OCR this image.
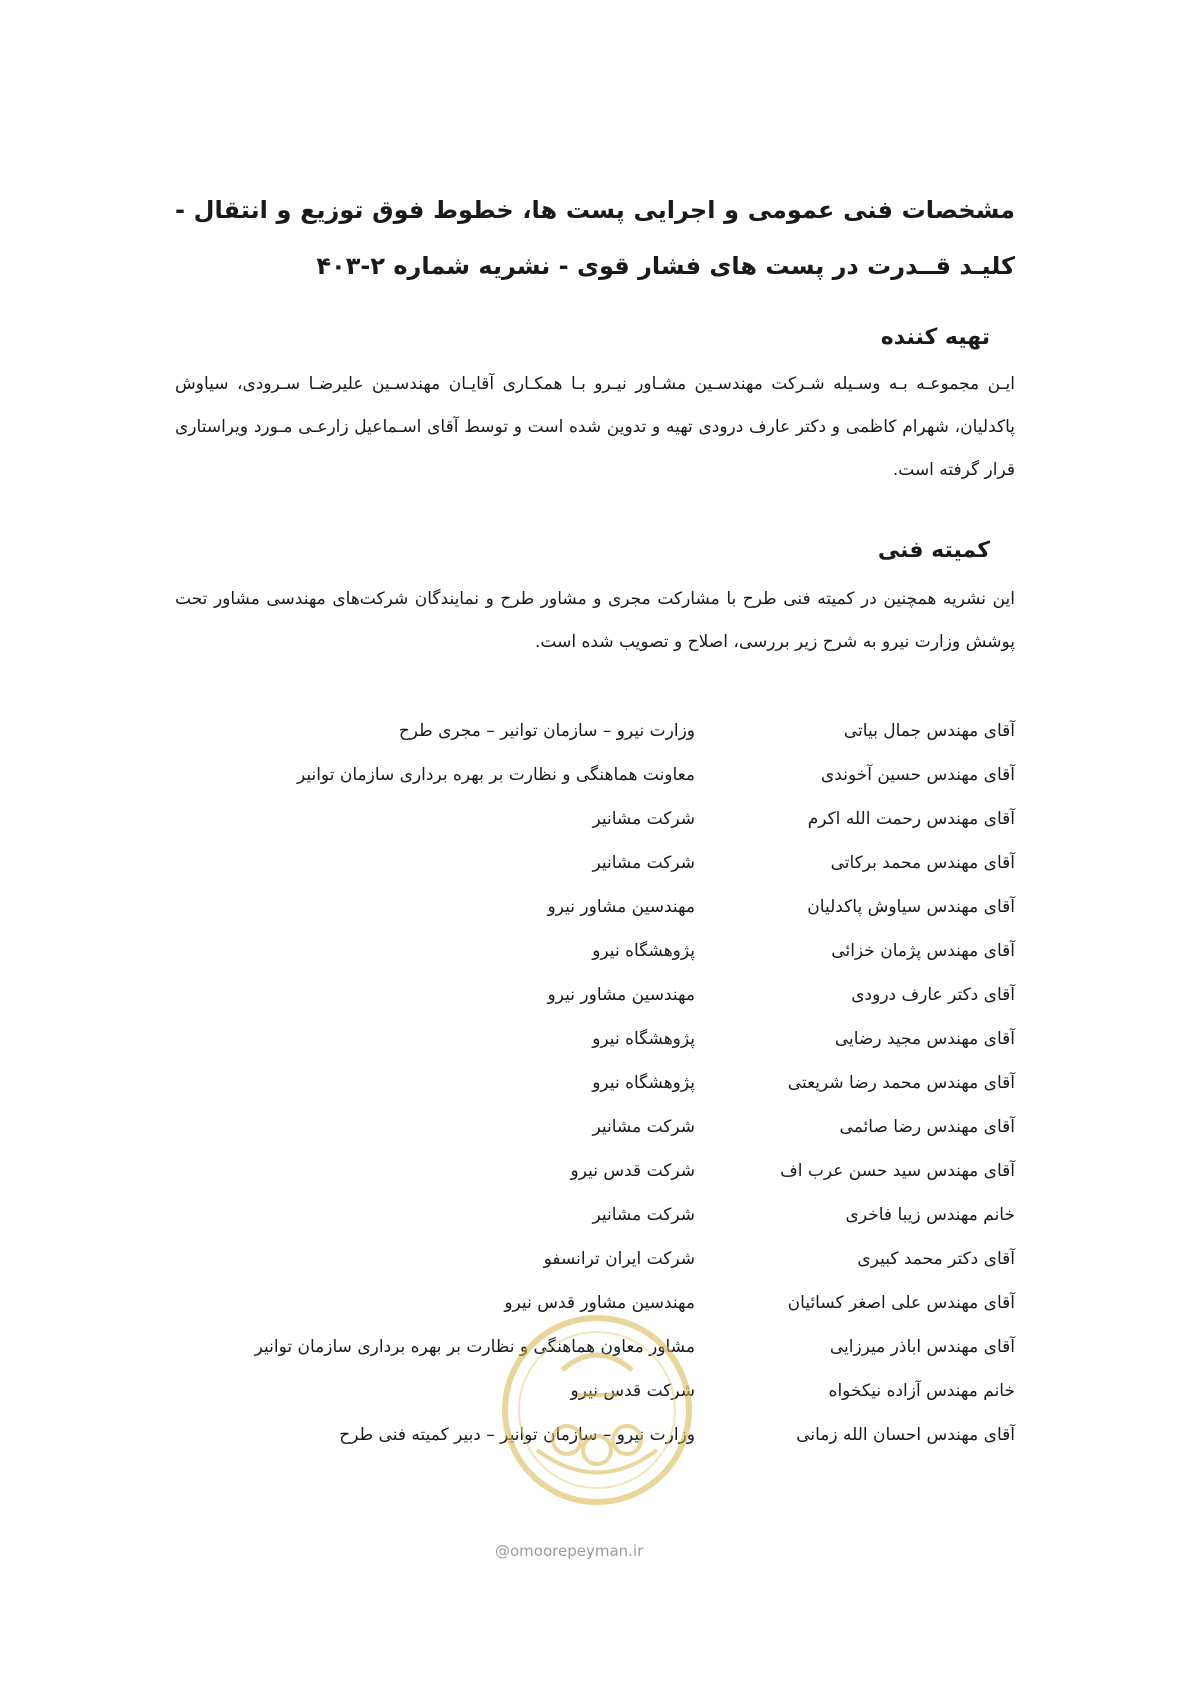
مشخصات فنی عمومی و اجرایی پست ها، خطوط فوق توزیع و انتقال - کلیـد قــدرت در پست های فشار قوی - نشریه شماره ۲-۴۰۳
تهیه کننده

ایـن مجموعـه بـه وسـیله شـرکت مهندسـین مشـاور نیـرو بـا همکـاری آقایـان مهندسـین علیرضـا سـرودی، سیاوش پاکدلیان، شهرام کاظمی و دکتر عارف درودی تهیه و تدوین شده است و توسط آقای اسـماعیل زارعـی مـورد ویراستاری قرار گرفته است.

کمیته فنی

این نشریه همچنین در کمیته فنی طرح با مشارکت مجری و مشاور طرح و نمایندگان شرکت‌های مهندسی مشاور تحت پوشش وزارت نیرو به شرح زیر بررسی، اصلاح و تصویب شده است.

آقای مهندس جمال بیاتی
وزارت نیرو – سازمان توانیر – مجری طرح
آقای مهندس حسین آخوندی
معاونت هماهنگی و نظارت بر بهره برداری سازمان توانیر
آقای مهندس رحمت الله اکرم
شرکت مشانیر
آقای مهندس محمد برکاتی
شرکت مشانیر
آقای مهندس سیاوش پاکدلیان
مهندسین مشاور نیرو
آقای مهندس پژمان خزائی
پژوهشگاه نیرو
آقای دکتر عارف درودی
مهندسین مشاور نیرو
آقای مهندس مجید رضایی
پژوهشگاه نیرو
آقای مهندس محمد رضا شریعتی
پژوهشگاه نیرو
آقای مهندس رضا صائمی
شرکت مشانیر
آقای مهندس سید حسن عرب اف
شرکت قدس نیرو
خانم مهندس زیبا فاخری
شرکت مشانیر
آقای دکتر محمد کبیری
شرکت ایران ترانسفو
آقای مهندس علی اصغر کسائیان
مهندسین مشاور قدس نیرو
آقای مهندس اباذر میرزایی
مشاور معاون هماهنگی و نظارت بر بهره برداری سازمان توانیر
خانم مهندس آزاده نیکخواه
شرکت قدس نیرو
آقای مهندس احسان الله زمانی
وزارت نیرو – سازمان توانیر – دبیر کمیته فنی طرح
@omoorepeyman.ir
